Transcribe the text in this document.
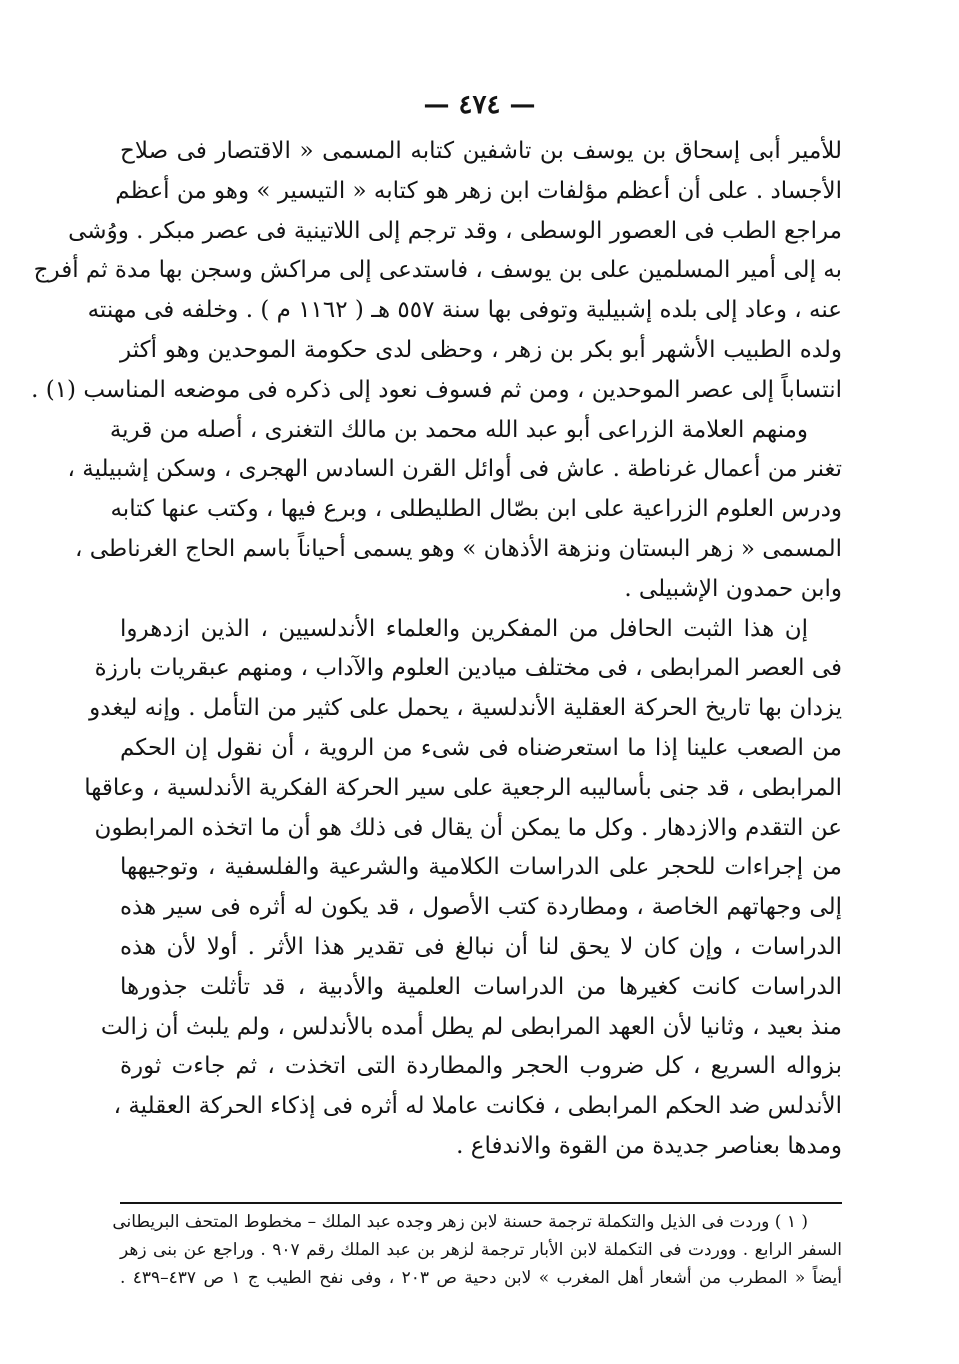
— ٤٧٤ —
للأمير أبى إسحاق بن يوسف بن تاشفين كتابه المسمى « الاقتصار فى صلاح
الأجساد . على أن أعظم مؤلفات ابن زهر هو كتابه « التيسير » وهو من أعظم
مراجع الطب فى العصور الوسطى ، وقد ترجم إلى اللاتينية فى عصر مبكر . ووُشى
به إلى أمير المسلمين على بن يوسف ، فاستدعى إلى مراكش وسجن بها مدة ثم أفرج
عنه ، وعاد إلى بلده إشبيلية وتوفى بها سنة ٥٥٧ هـ ( ١١٦٢ م ) . وخلفه فى مهنته
ولده الطبيب الأشهر أبو بكر بن زهر ، وحظى لدى حكومة الموحدين وهو أكثر
انتساباً إلى عصر الموحدين ، ومن ثم فسوف نعود إلى ذكره فى موضعه المناسب (١) .
ومنهم العلامة الزراعى أبو عبد الله محمد بن مالك التغنرى ، أصله من قرية
تغنر من أعمال غرناطة . عاش فى أوائل القرن السادس الهجرى ، وسكن إشبيلية ،
ودرس العلوم الزراعية على ابن بصّال الطليطلى ، وبرع فيها ، وكتب عنها كتابه
المسمى « زهر البستان ونزهة الأذهان » وهو يسمى أحياناً باسم الحاج الغرناطى ،
وابن حمدون الإشبيلى .
إن هذا الثبت الحافل من المفكرين والعلماء الأندلسيين ، الذين ازدهروا
فى العصر المرابطى ، فى مختلف ميادين العلوم والآداب ، ومنهم عبقريات بارزة
يزدان بها تاريخ الحركة العقلية الأندلسية ، يحمل على كثير من التأمل . وإنه ليغدو
من الصعب علينا إذا ما استعرضناه فى شىء من الروية ، أن نقول إن الحكم
المرابطى ، قد جنى بأساليبه الرجعية على سير الحركة الفكرية الأندلسية ، وعاقها
عن التقدم والازدهار . وكل ما يمكن أن يقال فى ذلك هو أن ما اتخذه المرابطون
من إجراءات للحجر على الدراسات الكلامية والشرعية والفلسفية ، وتوجيهها
إلى وجهاتهم الخاصة ، ومطاردة كتب الأصول ، قد يكون له أثره فى سير هذه
الدراسات ، وإن كان لا يحق لنا أن نبالغ فى تقدير هذا الأثر . أولا لأن هذه
الدراسات كانت كغيرها من الدراسات العلمية والأدبية ، قد تأثلت جذورها
منذ بعيد ، وثانيا لأن العهد المرابطى لم يطل أمده بالأندلس ، ولم يلبث أن زالت
بزواله السريع ، كل ضروب الحجر والمطاردة التى اتخذت ، ثم جاءت ثورة
الأندلس ضد الحكم المرابطى ، فكانت عاملا له أثره فى إذكاء الحركة العقلية ،
ومدها بعناصر جديدة من القوة والاندفاع .
( ١ ) وردت فى الذيل والتكملة ترجمة حسنة لابن زهر وجده عبد الملك – مخطوط المتحف البريطانى
السفر الرابع . ووردت فى التكملة لابن الأبار ترجمة لزهر بن عبد الملك رقم ٩٠٧ . وراجع عن بنى زهر
أيضاً « المطرب من أشعار أهل المغرب » لابن دحية ص ٢٠٣ ، وفى نفح الطيب ج ١ ص ٤٣٧–٤٣٩ .
